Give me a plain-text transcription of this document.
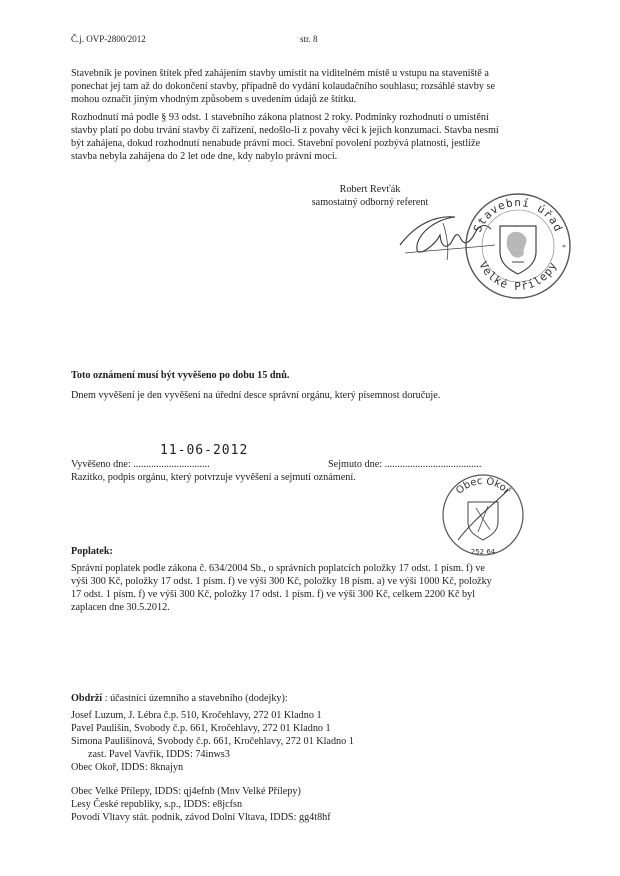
Č.j. OVP-2800/2012	str. 8
Stavebník je povinen štítek před zahájením stavby umístit na viditelném místě u vstupu na staveniště a
ponechat jej tam až do dokončení stavby, případně do vydání kolaudačního souhlasu; rozsáhlé stavby se
mohou označit jiným vhodným způsobem s uvedením údajů ze štítku.
Rozhodnutí má podle § 93 odst. 1 stavebního zákona platnost 2 roky. Podmínky rozhodnutí o umístění
stavby platí po dobu trvání stavby či zařízení, nedošlo-li z povahy věci k jejich konzumaci. Stavba nesmí
být zahájena, dokud rozhodnutí nenabude právní moci. Stavební povolení pozbývá platnosti, jestliže
stavba nebyla zahájena do 2 let ode dne, kdy nabylo právní moci.
Robert Revťák
samostatný odborný referent
Stavební úřad
Velké Přílepy
*
Toto oznámení musí být vyvěšeno po dobu 15 dnů.
Dnem vyvěšení je den vyvěšení na úřední desce správní orgánu, který písemnost doručuje.
11-06-2012
Vyvěšeno dne: ..............................	Sejmuto dne: ......................................
Razítko, podpis orgánu, který potvrzuje vyvěšení a sejmutí oznámení.
Obec Okoř
252 64
Poplatek:
Správní poplatek podle zákona č. 634/2004 Sb., o správních poplatcích položky 17 odst. 1 písm. f) ve
výši 300 Kč, položky 17 odst. 1 písm. f) ve výši 300 Kč, položky 18 písm. a) ve výši 1000 Kč, položky
17 odst. 1 písm. f) ve výši 300 Kč, položky 17 odst. 1 písm. f) ve výši 300 Kč, celkem 2200 Kč byl
zaplacen dne 30.5.2012.
Obdrží : účastníci územního a stavebního (dodejky):
Josef Luzum, J. Lébra č.p. 510, Kročehlavy, 272 01 Kladno 1
Pavel Paulišin, Svobody č.p. 661, Kročehlavy, 272 01 Kladno 1
Simona Paulišinová, Svobody č.p. 661, Kročehlavy, 272 01 Kladno 1
zast. Pavel Vavřík, IDDS: 74inws3
Obec Okoř, IDDS: 8knajyn
Obec Velké Přílepy, IDDS: qj4efnb (Mnv Velké Přílepy)
Lesy České republiky, s.p., IDDS: e8jcfsn
Povodí Vltavy stát. podnik, závod Dolní Vltava, IDDS: gg4t8hf
